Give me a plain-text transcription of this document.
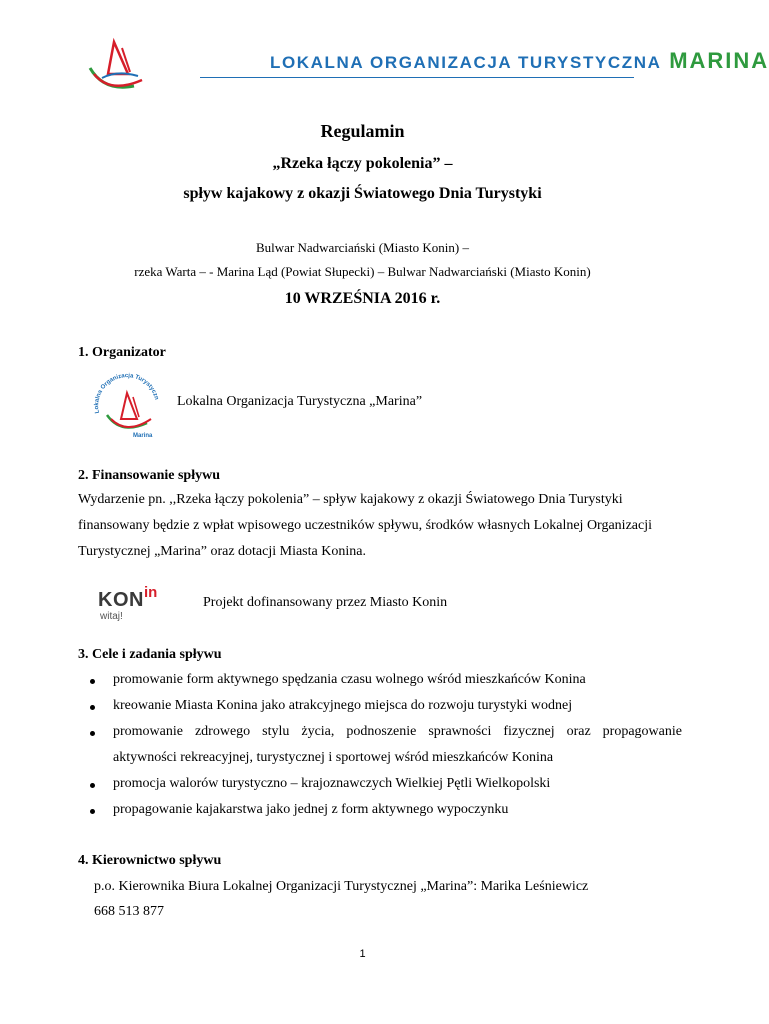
LOKALNA ORGANIZACJA TURYSTYCZNA MARINA
Regulamin
„Rzeka łączy pokolenia” –
spływ kajakowy z okazji Światowego Dnia Turystyki
Bulwar Nadwarciański (Miasto Konin) –
rzeka Warta – - Marina Ląd (Powiat Słupecki) – Bulwar Nadwarciański (Miasto Konin)
10 WRZEŚNIA 2016 r.
1. Organizator
Lokalna Organizacja Turystyczn
Marina
Lokalna Organizacja Turystyczna „Marina”
2. Finansowanie spływu
Wydarzenie pn. ,,Rzeka łączy pokolenia” – spływ kajakowy z okazji Światowego Dnia Turystyki
finansowany będzie z wpłat wpisowego uczestników spływu, środków własnych Lokalnej Organizacji
Turystycznej „Marina” oraz dotacji Miasta Konina.
KONin
witaj!
Projekt dofinansowany przez Miasto Konin
3. Cele i zadania spływu
promowanie form aktywnego spędzania czasu wolnego wśród mieszkańców Konina
kreowanie Miasta Konina jako atrakcyjnego miejsca do rozwoju turystyki wodnej
promowanie zdrowego stylu życia, podnoszenie sprawności fizycznej oraz propagowanie
aktywności rekreacyjnej, turystycznej i sportowej wśród mieszkańców Konina
promocja walorów turystyczno – krajoznawczych Wielkiej Pętli Wielkopolski
propagowanie kajakarstwa jako jednej z form aktywnego wypoczynku
4. Kierownictwo spływu
p.o. Kierownika Biura Lokalnej Organizacji Turystycznej „Marina”: Marika Leśniewicz
668 513 877
1
